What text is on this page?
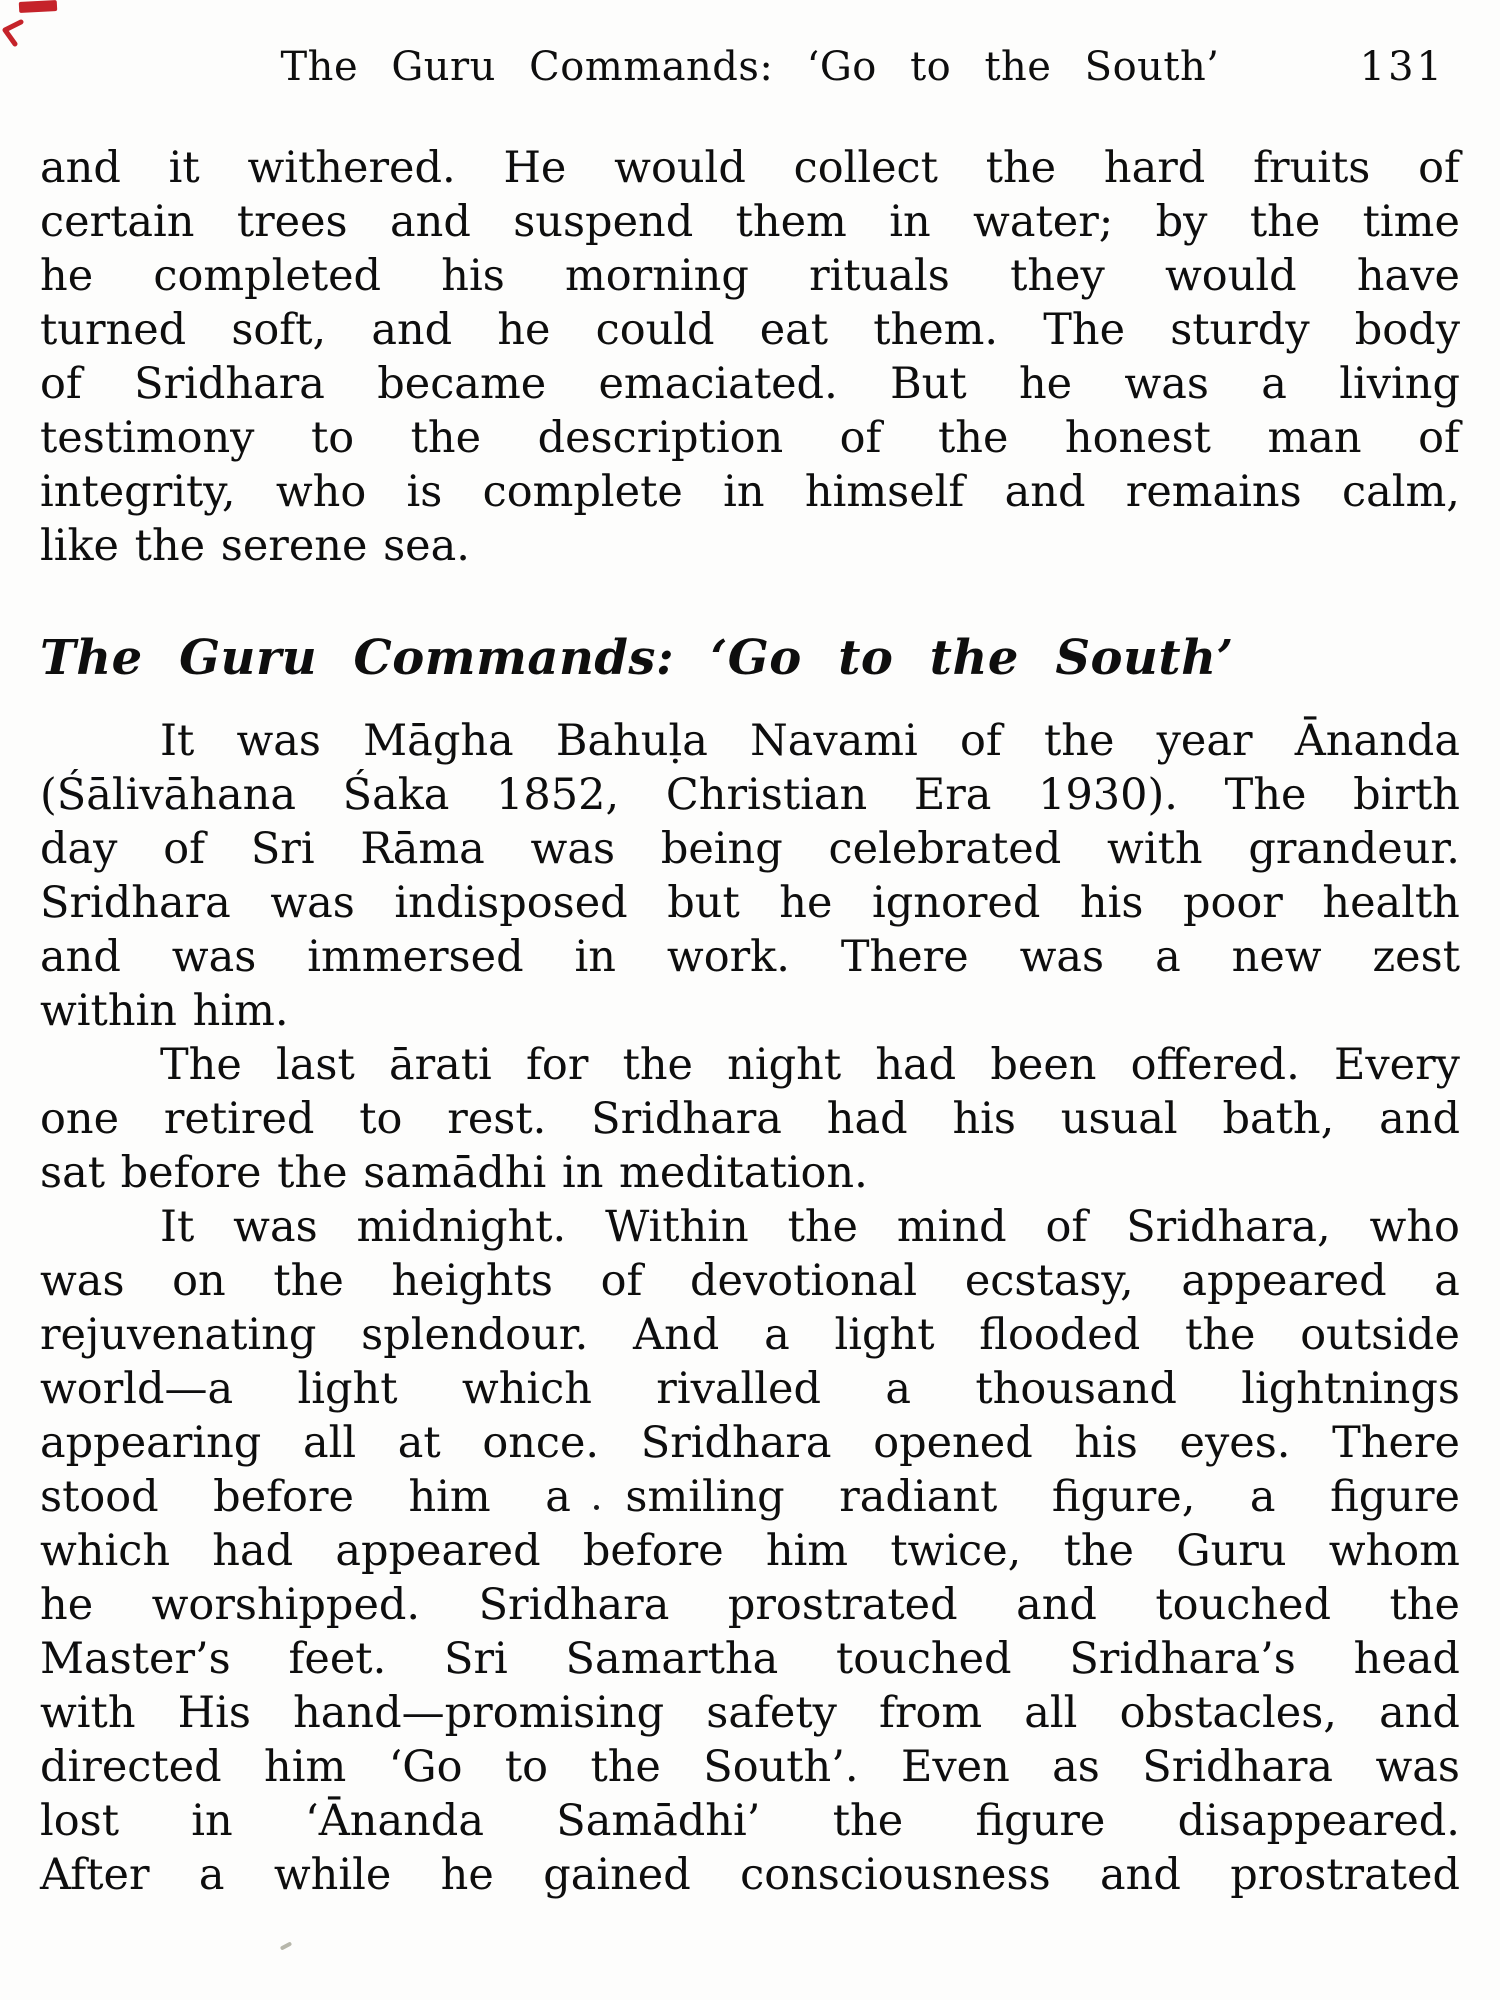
The Guru Commands: ‘Go to the South’	131
and it withered. He would collect the hard fruits of
certain trees and suspend them in water; by the time
he completed his morning rituals they would have
turned soft, and he could eat them. The sturdy body
of Sridhara became emaciated. But he was a living
testimony to the description of the honest man of
integrity, who is complete in himself and remains calm,
like the serene sea.
The Guru Commands: ‘Go to the South’
It was Māgha Bahuḷa Navami of the year Ānanda
(Śālivāhana Śaka 1852, Christian Era 1930). The birth
day of Sri Rāma was being celebrated with grandeur.
Sridhara was indisposed but he ignored his poor health
and was immersed in work. There was a new zest
within him.
The last ārati for the night had been offered. Every
one retired to rest. Sridhara had his usual bath, and
sat before the samādhi in meditation.
It was midnight. Within the mind of Sridhara, who
was on the heights of devotional ecstasy, appeared a
rejuvenating splendour. And a light flooded the outside
world—a light which rivalled a thousand lightnings
appearing all at once. Sridhara opened his eyes. There
stood before him a smiling radiant figure, a figure
which had appeared before him twice, the Guru whom
he worshipped. Sridhara prostrated and touched the
Master’s feet. Sri Samartha touched Sridhara’s head
with His hand—promising safety from all obstacles, and
directed him ‘Go to the South’. Even as Sridhara was
lost in ‘Ānanda Samādhi’ the figure disappeared.
After a while he gained consciousness and prostrated
